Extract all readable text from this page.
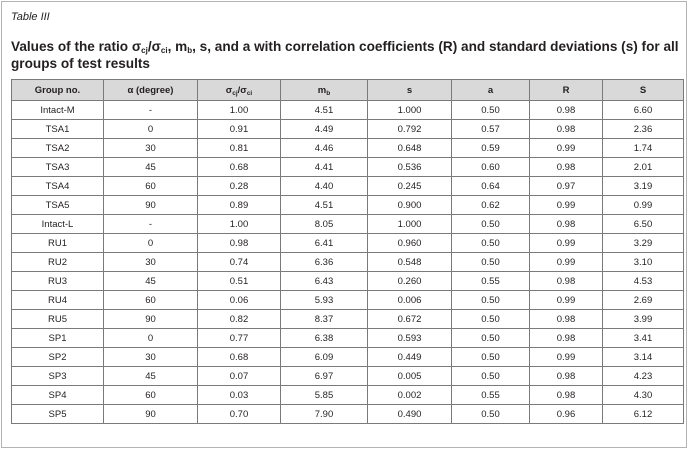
Table III
Values of the ratio $\sigma_{cj}/\sigma_{ci}$, $m_b$, s, and a with correlation coefficients (R) and standard deviations (s) for all groups of test results
Group no.	α (degree)	$\sigma_{cj}/\sigma_{ci}$	$m_b$	s	a	R	S
Intact-M	-	1.00	4.51	1.000	0.50	0.98	6.60
TSA1	0	0.91	4.49	0.792	0.57	0.98	2.36
TSA2	30	0.81	4.46	0.648	0.59	0.99	1.74
TSA3	45	0.68	4.41	0.536	0.60	0.98	2.01
TSA4	60	0.28	4.40	0.245	0.64	0.97	3.19
TSA5	90	0.89	4.51	0.900	0.62	0.99	0.99
Intact-L	-	1.00	8.05	1.000	0.50	0.98	6.50
RU1	0	0.98	6.41	0.960	0.50	0.99	3.29
RU2	30	0.74	6.36	0.548	0.50	0.99	3.10
RU3	45	0.51	6.43	0.260	0.55	0.98	4.53
RU4	60	0.06	5.93	0.006	0.50	0.99	2.69
RU5	90	0.82	8.37	0.672	0.50	0.98	3.99
SP1	0	0.77	6.38	0.593	0.50	0.98	3.41
SP2	30	0.68	6.09	0.449	0.50	0.99	3.14
SP3	45	0.07	6.97	0.005	0.50	0.98	4.23
SP4	60	0.03	5.85	0.002	0.55	0.98	4.30
SP5	90	0.70	7.90	0.490	0.50	0.96	6.12
